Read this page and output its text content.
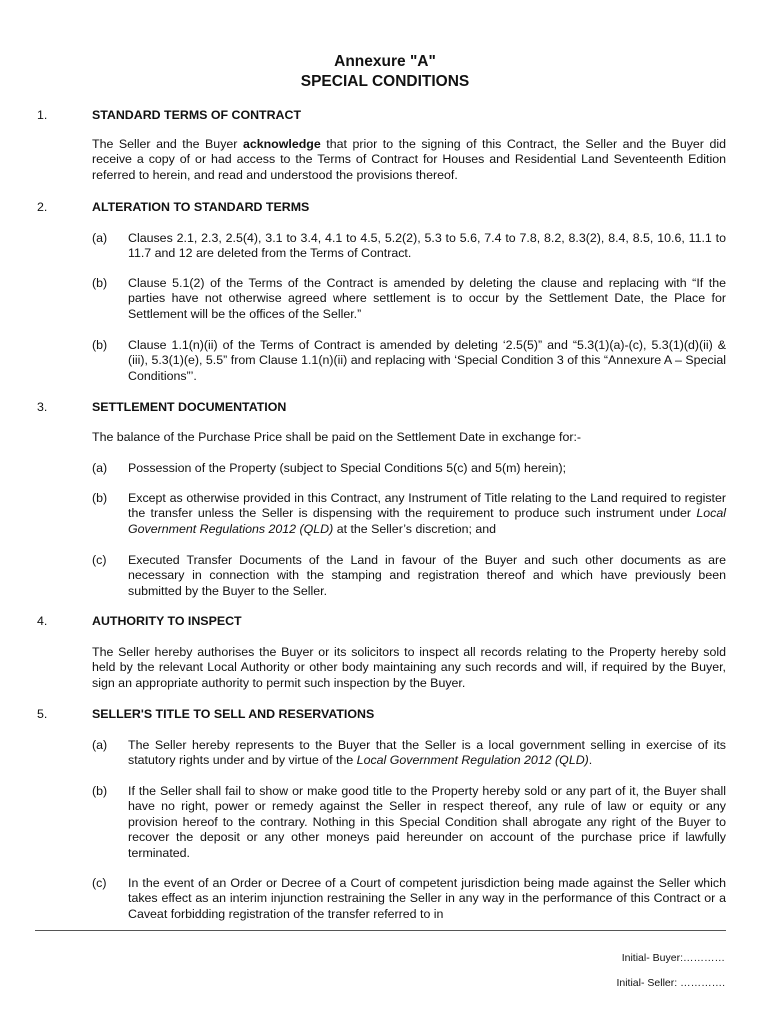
Annexure "A"
SPECIAL CONDITIONS
1.	STANDARD TERMS OF CONTRACT
The Seller and the Buyer acknowledge that prior to the signing of this Contract, the Seller and the Buyer did receive a copy of or had access to the Terms of Contract for Houses and Residential Land Seventeenth Edition referred to herein, and read and understood the provisions thereof.
2.	ALTERATION TO STANDARD TERMS
(a) Clauses 2.1, 2.3, 2.5(4), 3.1 to 3.4, 4.1 to 4.5, 5.2(2), 5.3 to 5.6, 7.4 to 7.8, 8.2, 8.3(2), 8.4, 8.5, 10.6, 11.1 to 11.7 and 12 are deleted from the Terms of Contract.
(b) Clause 5.1(2) of the Terms of the Contract is amended by deleting the clause and replacing with “If the parties have not otherwise agreed where settlement is to occur by the Settlement Date, the Place for Settlement will be the offices of the Seller.”
(b) Clause 1.1(n)(ii) of the Terms of Contract is amended by deleting ‘2.5(5)” and “5.3(1)(a)-(c), 5.3(1)(d)(ii) & (iii), 5.3(1)(e), 5.5” from Clause 1.1(n)(ii) and replacing with ‘Special Condition 3 of this “Annexure A – Special Conditions”’.
3.	SETTLEMENT DOCUMENTATION
The balance of the Purchase Price shall be paid on the Settlement Date in exchange for:-
(a) Possession of the Property (subject to Special Conditions 5(c) and 5(m) herein);
(b) Except as otherwise provided in this Contract, any Instrument of Title relating to the Land required to register the transfer unless the Seller is dispensing with the requirement to produce such instrument under Local Government Regulations 2012 (QLD) at the Seller’s discretion; and
(c) Executed Transfer Documents of the Land in favour of the Buyer and such other documents as are necessary in connection with the stamping and registration thereof and which have previously been submitted by the Buyer to the Seller.
4.	AUTHORITY TO INSPECT
The Seller hereby authorises the Buyer or its solicitors to inspect all records relating to the Property hereby sold held by the relevant Local Authority or other body maintaining any such records and will, if required by the Buyer, sign an appropriate authority to permit such inspection by the Buyer.
5.	SELLER'S TITLE TO SELL AND RESERVATIONS
(a) The Seller hereby represents to the Buyer that the Seller is a local government selling in exercise of its statutory rights under and by virtue of the Local Government Regulation 2012 (QLD).
(b) If the Seller shall fail to show or make good title to the Property hereby sold or any part of it, the Buyer shall have no right, power or remedy against the Seller in respect thereof, any rule of law or equity or any provision hereof to the contrary. Nothing in this Special Condition shall abrogate any right of the Buyer to recover the deposit or any other moneys paid hereunder on account of the purchase price if lawfully terminated.
(c) In the event of an Order or Decree of a Court of competent jurisdiction being made against the Seller which takes effect as an interim injunction restraining the Seller in any way in the performance of this Contract or a Caveat forbidding registration of the transfer referred to in
Initial- Buyer:…………
Initial- Seller: ………….
